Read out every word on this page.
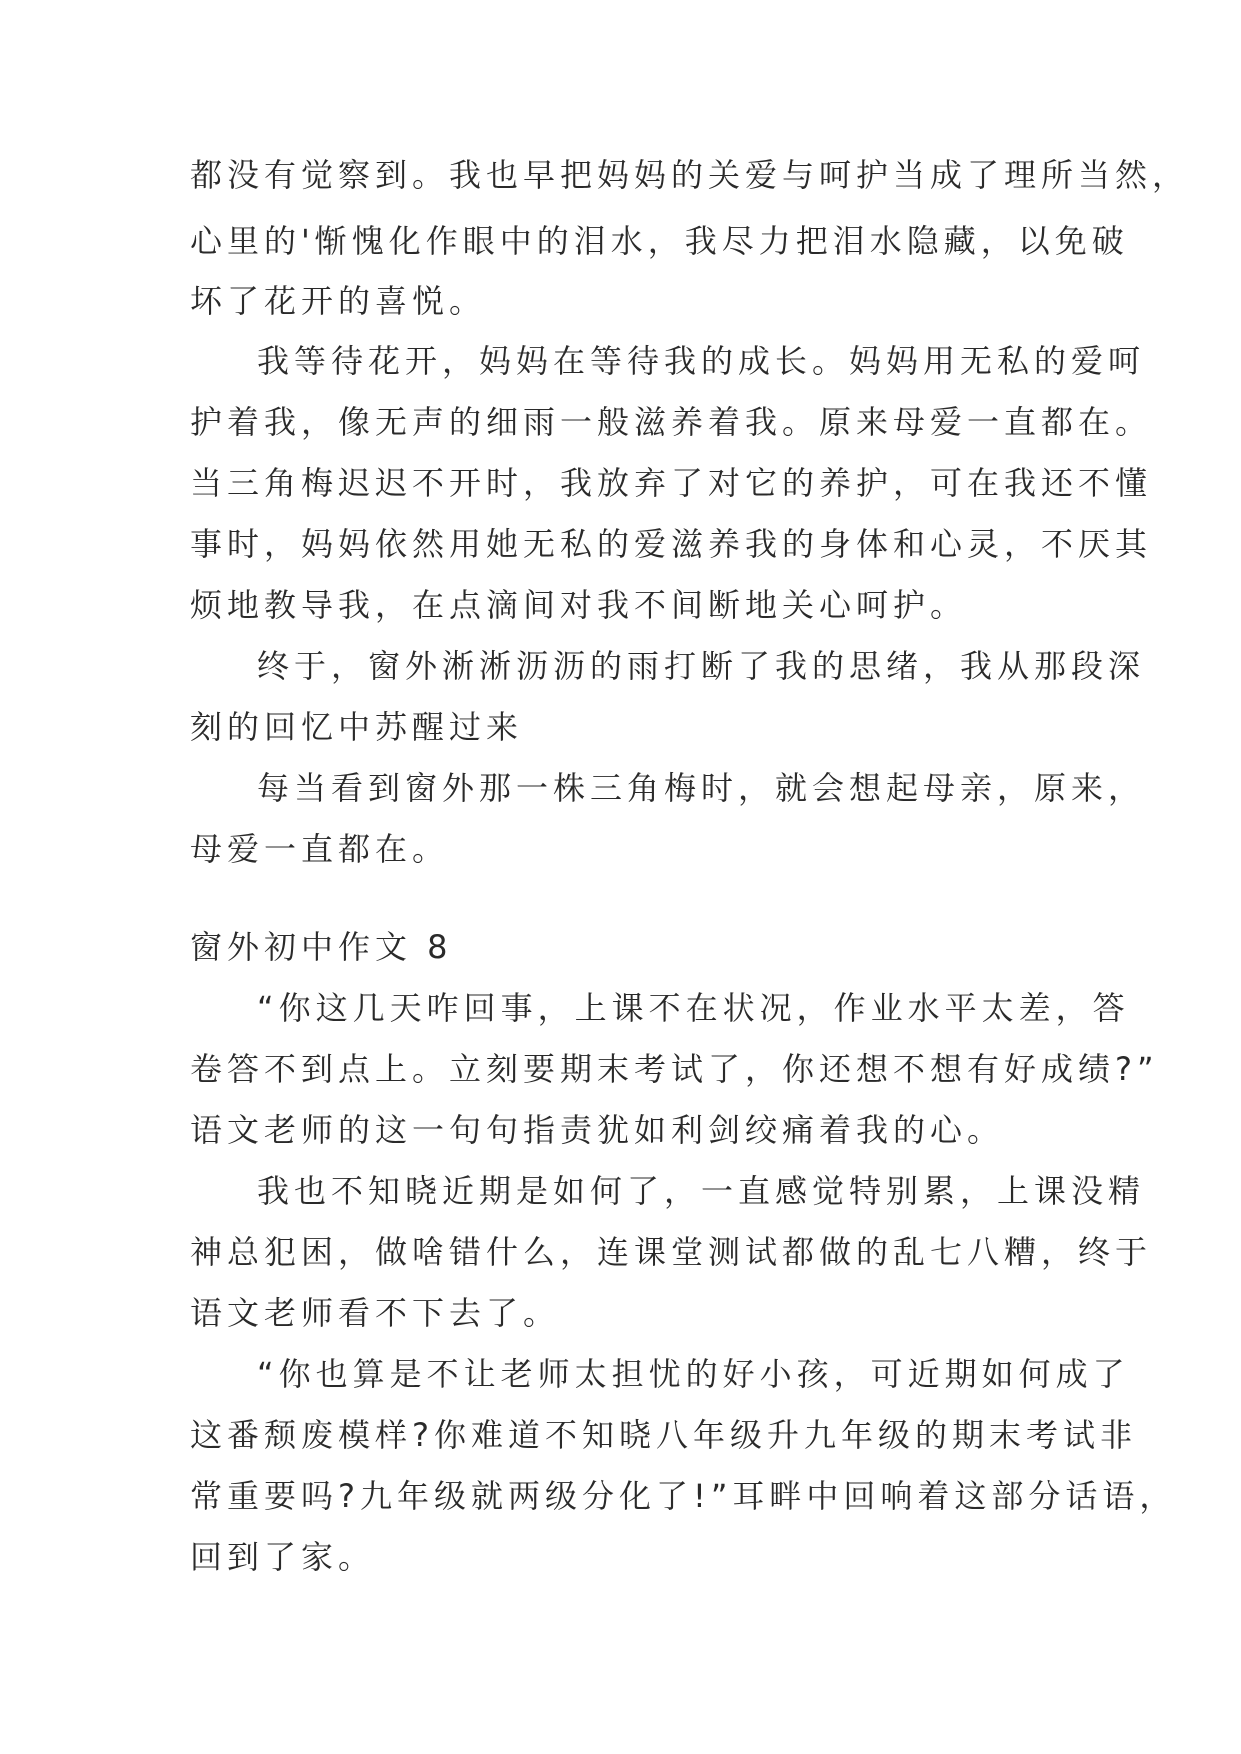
都没有觉察到。我也早把妈妈的关爱与呵护当成了理所当然，
心里的'惭愧化作眼中的泪水，我尽力把泪水隐藏，以免破
坏了花开的喜悦。
我等待花开，妈妈在等待我的成长。妈妈用无私的爱呵
护着我，像无声的细雨一般滋养着我。原来母爱一直都在。
当三角梅迟迟不开时，我放弃了对它的养护，可在我还不懂
事时，妈妈依然用她无私的爱滋养我的身体和心灵，不厌其
烦地教导我，在点滴间对我不间断地关心呵护。
终于，窗外淅淅沥沥的雨打断了我的思绪，我从那段深
刻的回忆中苏醒过来
每当看到窗外那一株三角梅时，就会想起母亲，原来，
母爱一直都在。
窗外初中作文 8
“你这几天咋回事，上课不在状况，作业水平太差，答
卷答不到点上。立刻要期末考试了，你还想不想有好成绩?”
语文老师的这一句句指责犹如利剑绞痛着我的心。
我也不知晓近期是如何了，一直感觉特别累，上课没精
神总犯困，做啥错什么，连课堂测试都做的乱七八糟，终于
语文老师看不下去了。
“你也算是不让老师太担忧的好小孩，可近期如何成了
这番颓废模样?你难道不知晓八年级升九年级的期末考试非
常重要吗?九年级就两级分化了!”耳畔中回响着这部分话语，
回到了家。
